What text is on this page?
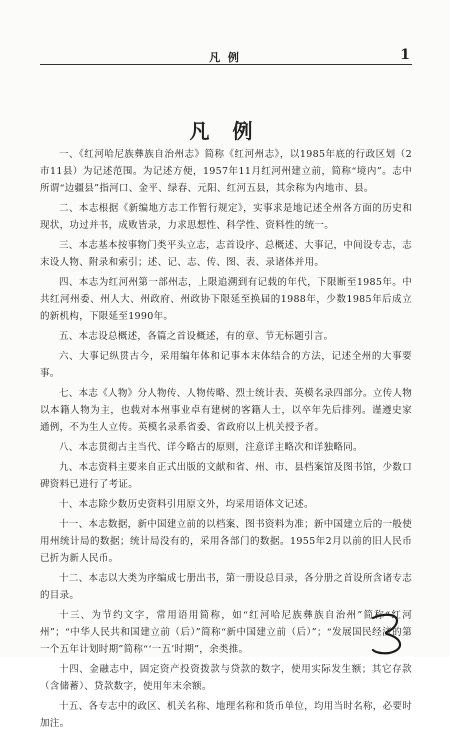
凡 例	1
凡 例

一、《红河哈尼族彝族自治州志》简称《红河州志》，以1985年底的行政区划（2市11县）为记述范围。为记述方便，1957年11月红河州建立前，简称“境内”。志中所谓“边疆县”指河口、金平、绿春、元阳、红河五县，其余称为内地市、县。

二、本志根据《新编地方志工作暂行规定》，实事求是地记述全州各方面的历史和现状，功过并书，成败皆录，力求思想性、科学性、资料性的统一。

三、本志基本按事物门类平头立志，志首设序、总概述、大事记，中间设专志，志末设人物、附录和索引；述、记、志、传、图、表、录诸体并用。

四、本志为红河州第一部州志，上限追溯到有记载的年代，下限断至1985年。中共红河州委、州人大、州政府、州政协下限延至换届的1988年，少数1985年后成立的新机构，下限延至1990年。

五、本志设总概述，各篇之首设概述，有的章、节无标题引言。

六、大事记纵贯古今，采用编年体和记事本末体结合的方法，记述全州的大事要事。

七、本志《人物》分人物传、人物传略、烈士统计表、英模名录四部分。立传人物以本籍人物为主，也载对本州事业卓有建树的客籍人士，以卒年先后排列。谨遵史家通例，不为生人立传。英模名录系省委、省政府以上机关授予者。

八、本志贯彻古主当代、详今略古的原则，注意详主略次和详独略同。

九、本志资料主要来自正式出版的文献和省、州、市、县档案馆及图书馆，少数口碑资料已进行了考证。

十、本志除少数历史资料引用原文外，均采用语体文记述。

十一、本志数据，新中国建立前的以档案、图书资料为准；新中国建立后的一般使用州统计局的数据；统计局没有的，采用各部门的数据。1955年2月以前的旧人民币已折为新人民币。

十二、本志以大类为序编成七册出书，第一册设总目录，各分册之首设所含诸专志的目录。

十三、为节约文字，常用语用简称，如“红河哈尼族彝族自治州”简称“红河州”；“中华人民共和国建立前（后）”简称“新中国建立前（后）”；“发展国民经济的第一个五年计划时期”简称“‘一五’时期”，余类推。

十四、金融志中，固定资产投资拨款与贷款的数字，使用实际发生额；其它存款（含储蓄）、贷款数字，使用年末余额。

十五、各专志中的政区、机关名称、地理名称和货币单位，均用当时名称，必要时加注。
